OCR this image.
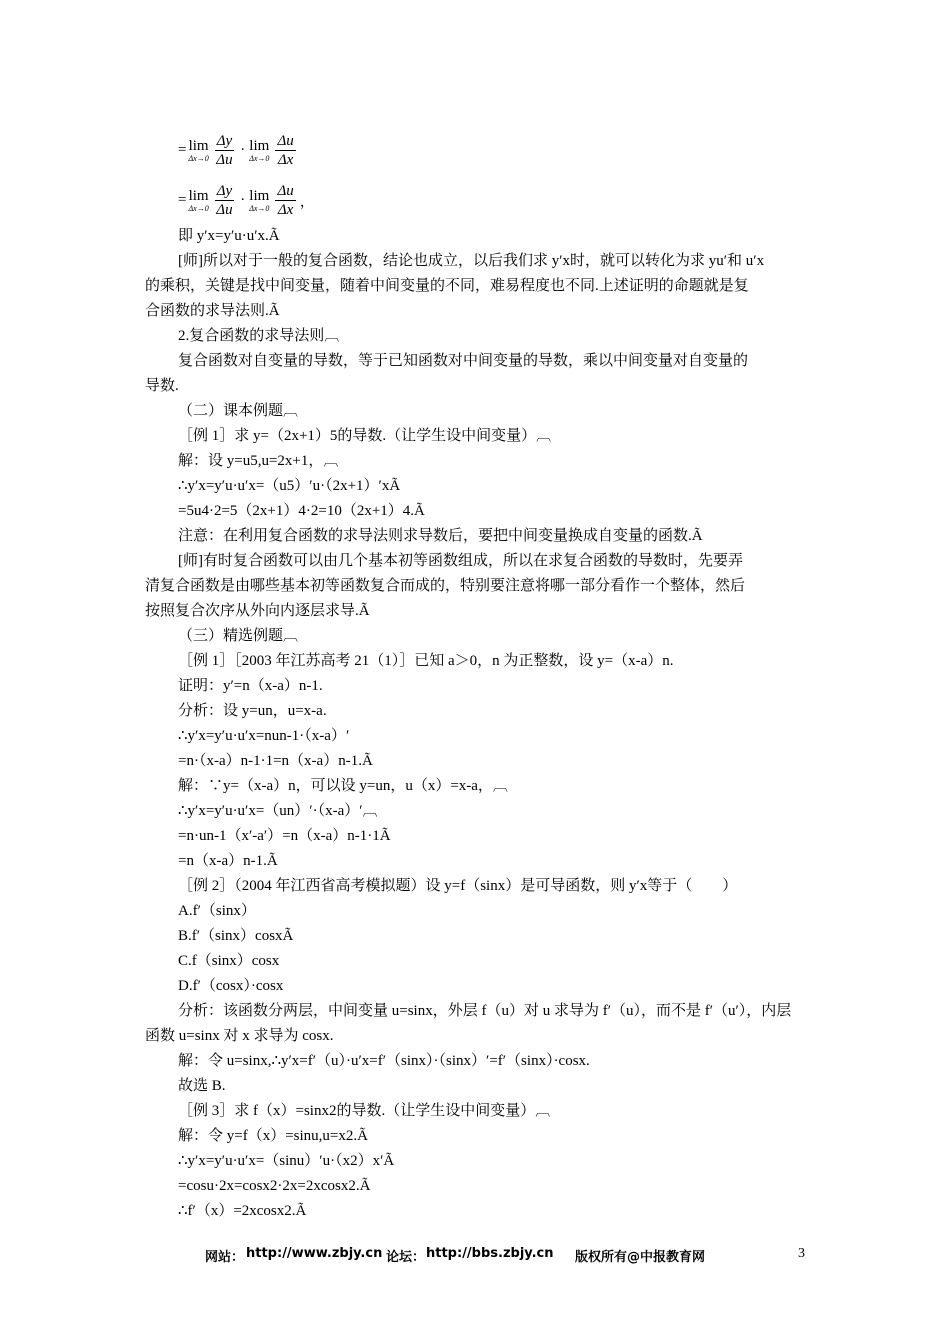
= lim
$\Delta x\to 0 \frac{\Delta y}{\Delta u} \cdot \lim$
$\Delta x\to 0 \frac{\Delta u}{\Delta x}$
= lim
$\Delta x\to 0 \frac{\Delta y}{\Delta u} \cdot \lim$
$\Delta x\to 0 \frac{\Delta u}{\Delta x}$ ，
即 y′x=y′u·u′x.Ã
[师]所以对于一般的复合函数，结论也成立，以后我们求 y′x时，就可以转化为求 yu′和 u′x
的乘积，关键是找中间变量，随着中间变量的不同，难易程度也不同.上述证明的命题就是复
合函数的求导法则.Ã
2.复合函数的求导法则︹
复合函数对自变量的导数，等于已知函数对中间变量的导数，乘以中间变量对自变量的
导数.
（二）课本例题︹
［例 1］求 y=（2x+1）5的导数.（让学生设中间变量）︹
解：设 y=u5,u=2x+1，︹
∴y′x=y′u·u′x=（u5）′u·（2x+1）′xÃ
=5u4·2=5（2x+1）4·2=10（2x+1）4.Ã
注意：在利用复合函数的求导法则求导数后，要把中间变量换成自变量的函数.Ã
[师]有时复合函数可以由几个基本初等函数组成，所以在求复合函数的导数时，先要弄
清复合函数是由哪些基本初等函数复合而成的，特别要注意将哪一部分看作一个整体，然后
按照复合次序从外向内逐层求导.Ã
（三）精选例题︹
［例 1］［2003 年江苏高考 21（1）］已知 a＞0，n 为正整数，设 y=（x-a）n.
证明：y′=n（x-a）n-1.
分析：设 y=un，u=x-a.
∴y′x=y′u·u′x=nun-1·（x-a）′
=n·（x-a）n-1·1=n（x-a）n-1.Ã
解：∵y=（x-a）n，可以设 y=un，u（x）=x-a，︹
∴y′x=y′u·u′x=（un）′·（x-a）′︹
=n·un-1（x′-a′）=n（x-a）n-1·1Ã
=n（x-a）n-1.Ã
［例 2］（2004 年江西省高考模拟题）设 y=f（sinx）是可导函数，则 y′x等于（　　）
A.f′（sinx）
B.f′（sinx）cosxÃ
C.f（sinx）cosx
D.f′（cosx）·cosx
分析：该函数分两层，中间变量 u=sinx，外层 f（u）对 u 求导为 f′（u），而不是 f′（u′），内层
函数 u=sinx 对 x 求导为 cosx.
解：令 u=sinx,∴y′x=f′（u）·u′x=f′（sinx）·（sinx）′=f′（sinx）·cosx.
故选 B.
［例 3］求 f（x）=sinx2的导数.（让学生设中间变量）︹
解：令 y=f（x）=sinu,u=x2.Ã
∴y′x=y′u·u′x=（sinu）′u·（x2）x′Ã
=cosu·2x=cosx2·2x=2xcosx2.Ã
∴f′（x）=2xcosx2.Ã
网站： http://www.zbjy.cn 论坛： http://bbs.zbjy.cn 版权所有@中报教育网	3
